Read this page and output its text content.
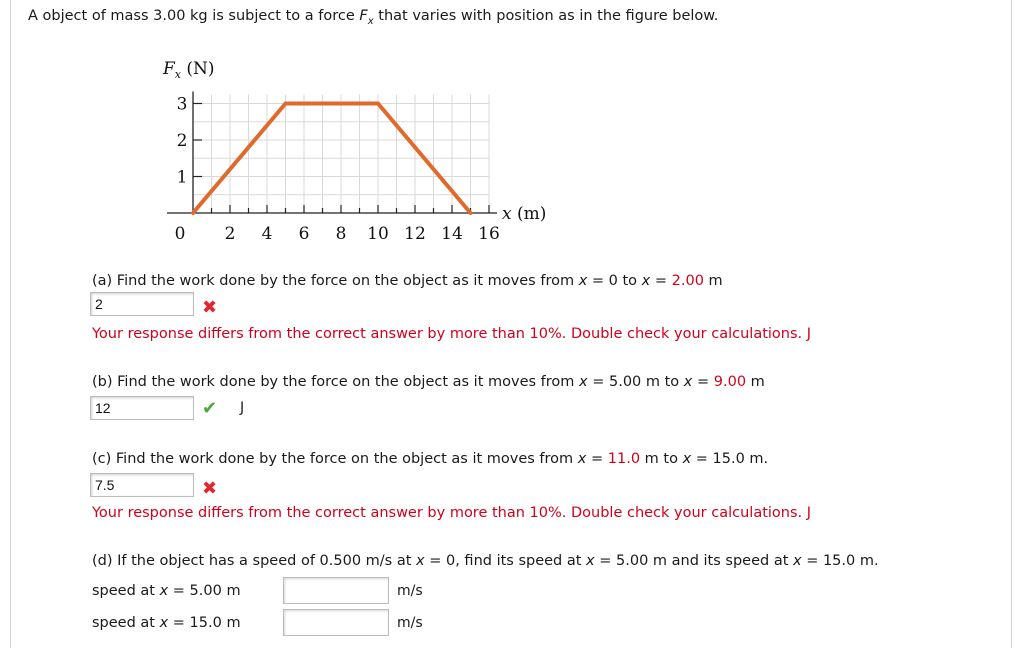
A object of mass 3.00 kg is subject to a force $F_x$ that varies with position as in the figure below.
0 2 4 6 8 10 12 14 16
1
2
3
$F_x$ (N)
x (m)
(a) Find the work done by the force on the object as it moves from x = 0 to x = 2.00 m
2
✖
Your response differs from the correct answer by more than 10%. Double check your calculations. J
(b) Find the work done by the force on the object as it moves from x = 5.00 m to x = 9.00 m
12
✔ J
(c) Find the work done by the force on the object as it moves from x = 11.0 m to x = 15.0 m.
7.5
✖
Your response differs from the correct answer by more than 10%. Double check your calculations. J
(d) If the object has a speed of 0.500 m/s at x = 0, find its speed at x = 5.00 m and its speed at x = 15.0 m.
speed at x = 5.00 m	m/s
speed at x = 15.0 m	m/s
